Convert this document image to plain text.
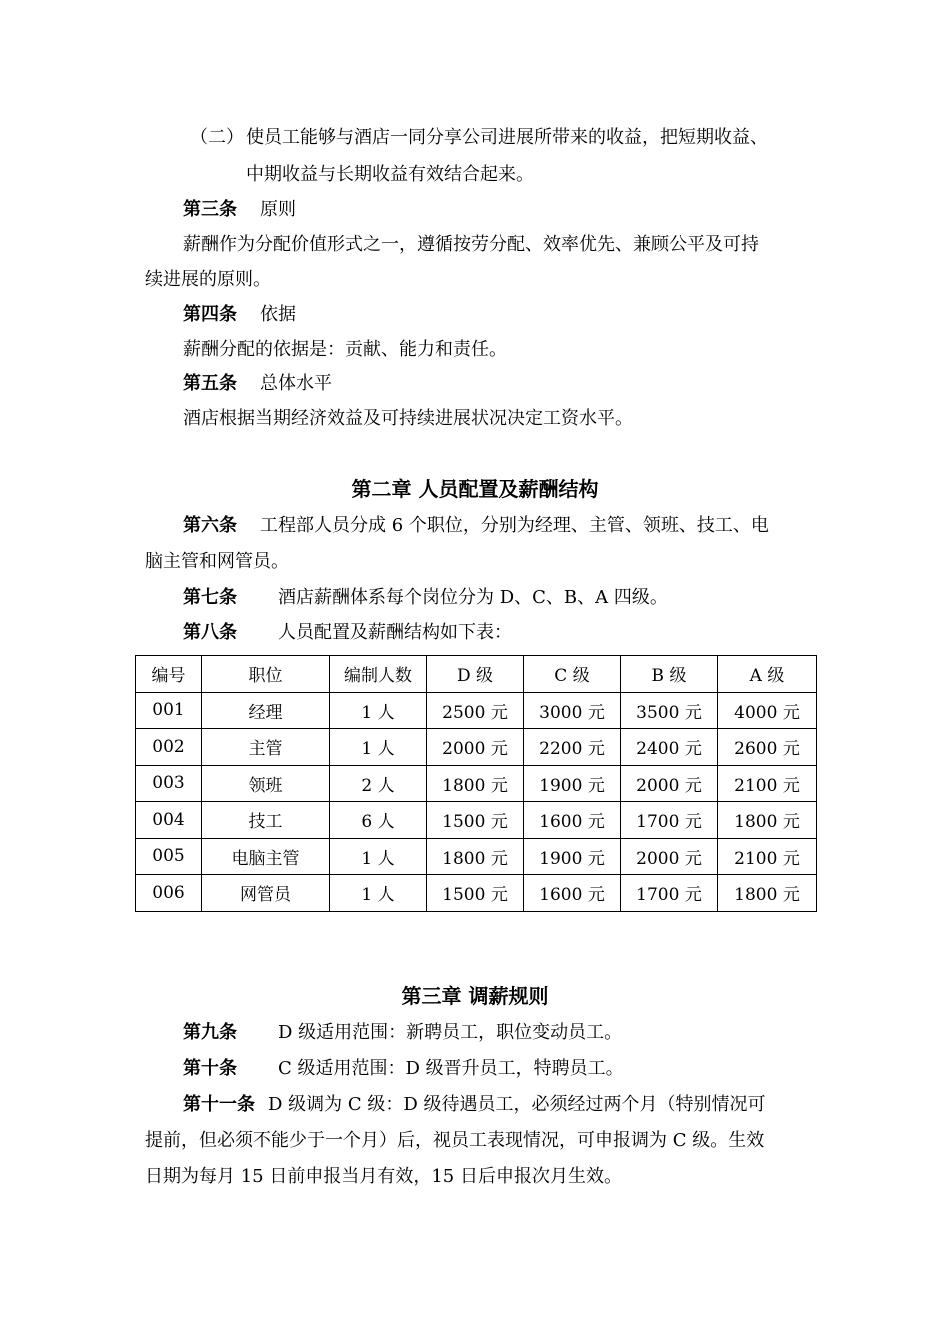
（二） 使员工能够与酒店一同分享公司进展所带来的收益，把短期收益、
中期收益与长期收益有效结合起来。
第三条 原则
薪酬作为分配价值形式之一，遵循按劳分配、效率优先、兼顾公平及可持
续进展的原则。
第四条 依据
薪酬分配的依据是：贡献、能力和责任。
第五条 总体水平
酒店根据当期经济效益及可持续进展状况决定工资水平。
第二章 人员配置及薪酬结构
第六条 工程部人员分成 6 个职位，分别为经理、主管、领班、技工、电
脑主管和网管员。
第七条 酒店薪酬体系每个岗位分为 D、C、B、A 四级。
第八条 人员配置及薪酬结构如下表：
编号	职位	编制人数	D 级	C 级	B 级	A 级
001	经理	1 人	2500 元	3000 元	3500 元	4000 元
002	主管	1 人	2000 元	2200 元	2400 元	2600 元
003	领班	2 人	1800 元	1900 元	2000 元	2100 元
004	技工	6 人	1500 元	1600 元	1700 元	1800 元
005	电脑主管	1 人	1800 元	1900 元	2000 元	2100 元
006	网管员	1 人	1500 元	1600 元	1700 元	1800 元
第三章 调薪规则
第九条 D 级适用范围：新聘员工，职位变动员工。
第十条 C 级适用范围：D 级晋升员工，特聘员工。
第十一条 D 级调为 C 级：D 级待遇员工，必须经过两个月（特别情况可
提前，但必须不能少于一个月）后，视员工表现情况，可申报调为 C 级。生效
日期为每月 15 日前申报当月有效，15 日后申报次月生效。
